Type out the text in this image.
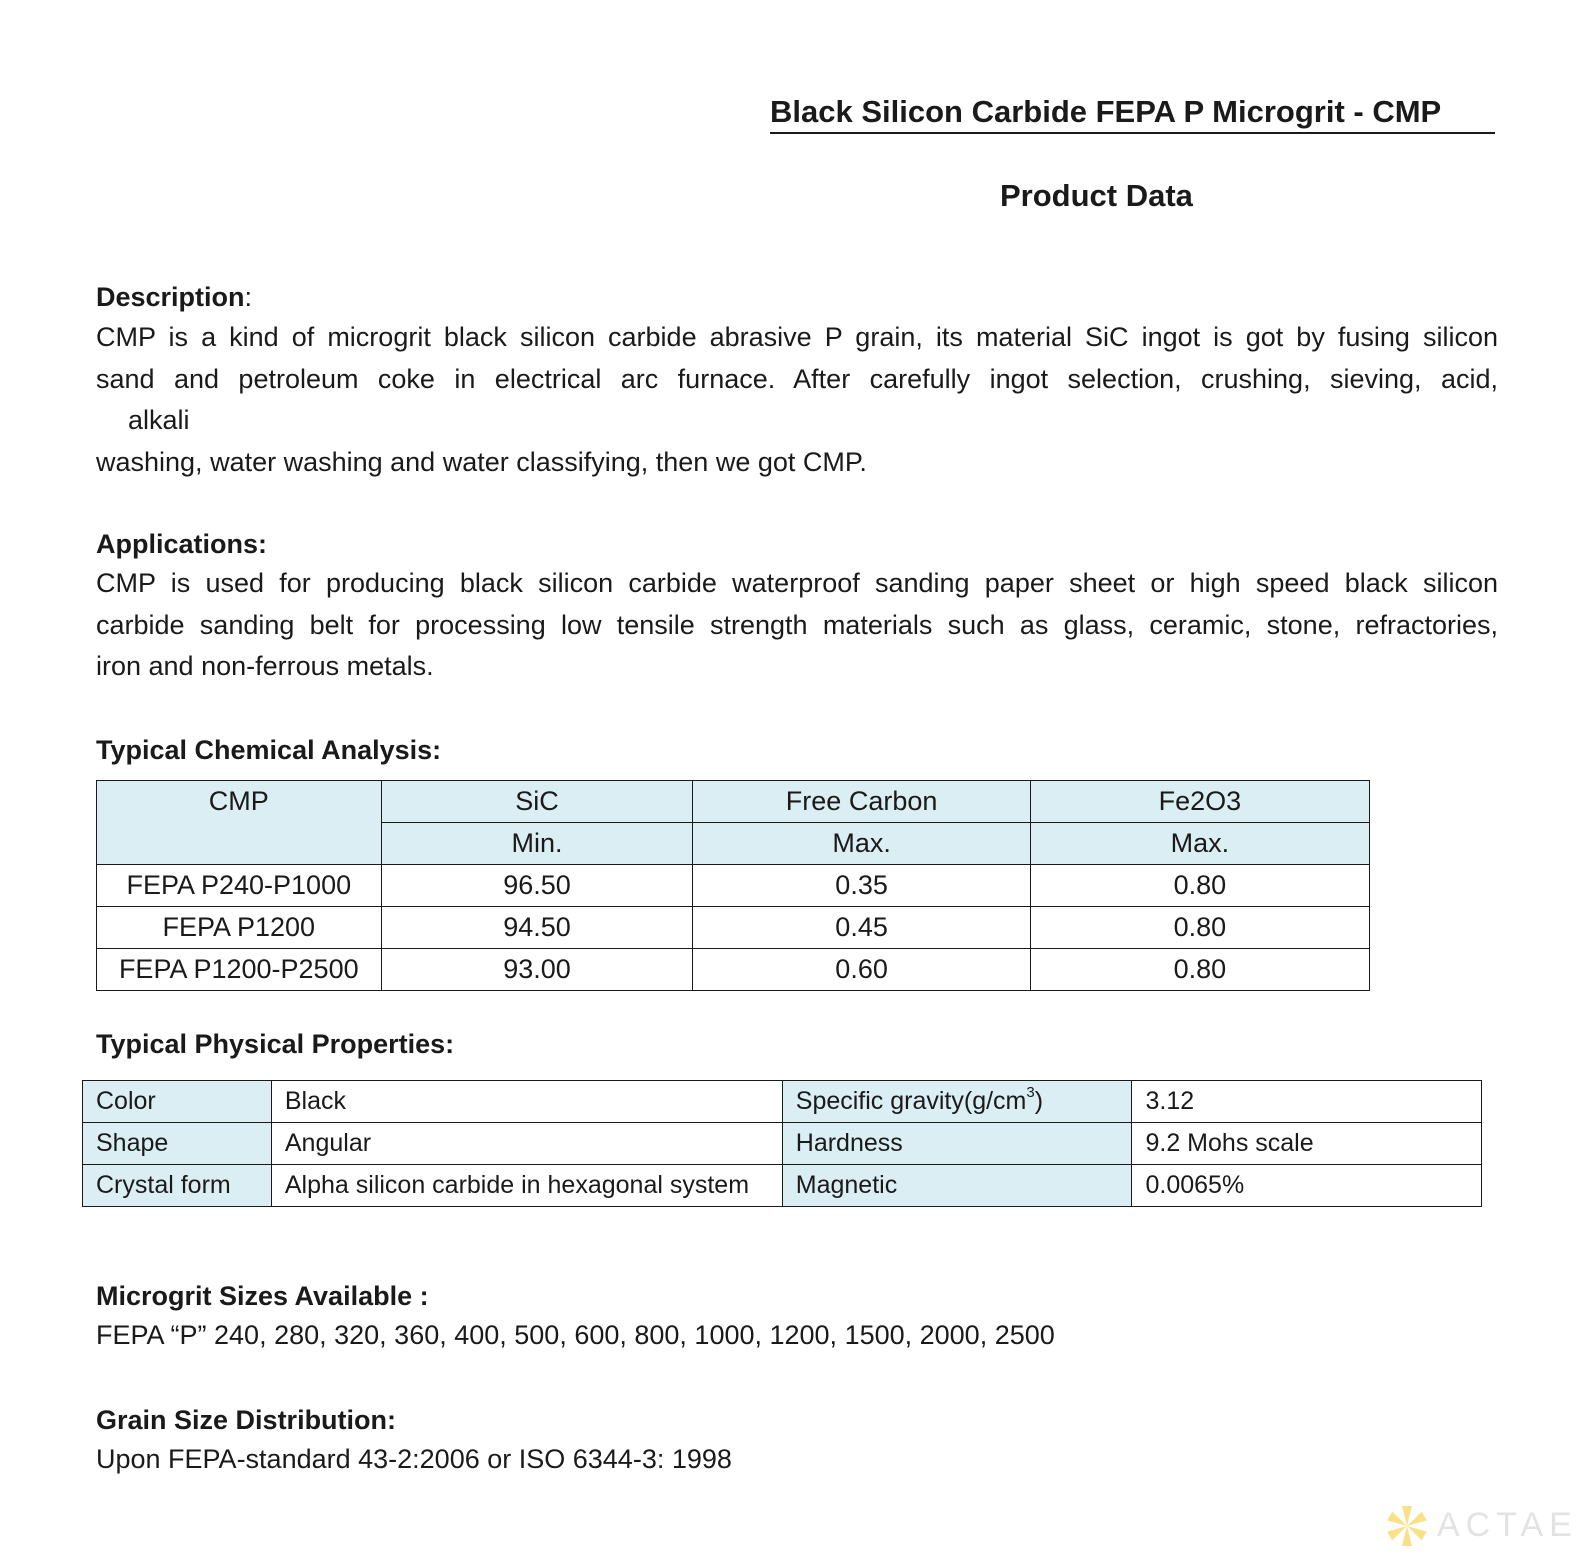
Black Silicon Carbide FEPA P Microgrit - CMP
Product Data
Description:
CMP is a kind of microgrit black silicon carbide abrasive P grain, its material SiC ingot is got by fusing silicon
sand and petroleum coke in electrical arc furnace. After carefully ingot selection, crushing, sieving, acid,
alkali
washing, water washing and water classifying, then we got CMP.
Applications:
CMP is used for producing black silicon carbide waterproof sanding paper sheet or high speed black silicon
carbide sanding belt for processing low tensile strength materials such as glass, ceramic, stone, refractories,
iron and non-ferrous metals.
Typical Chemical Analysis:
CMP	SiC	Free Carbon	Fe2O3
	Min.	Max.	Max.
FEPA P240-P1000	96.50	0.35	0.80
FEPA P1200	94.50	0.45	0.80
FEPA P1200-P2500	93.00	0.60	0.80
Typical Physical Properties:
Color	Black	Specific $gravity(g/cm^3)$	3.12
Shape	Angular	Hardness	9.2 Mohs scale
Crystal form	Alpha silicon carbide in hexagonal system	Magnetic	0.0065%
Microgrit Sizes Available :
FEPA “P” 240, 280, 320, 360, 400, 500, 600, 800, 1000, 1200, 1500, 2000, 2500
Grain Size Distribution:
Upon FEPA-standard 43-2:2006 or ISO 6344-3: 1998
ACTAE
